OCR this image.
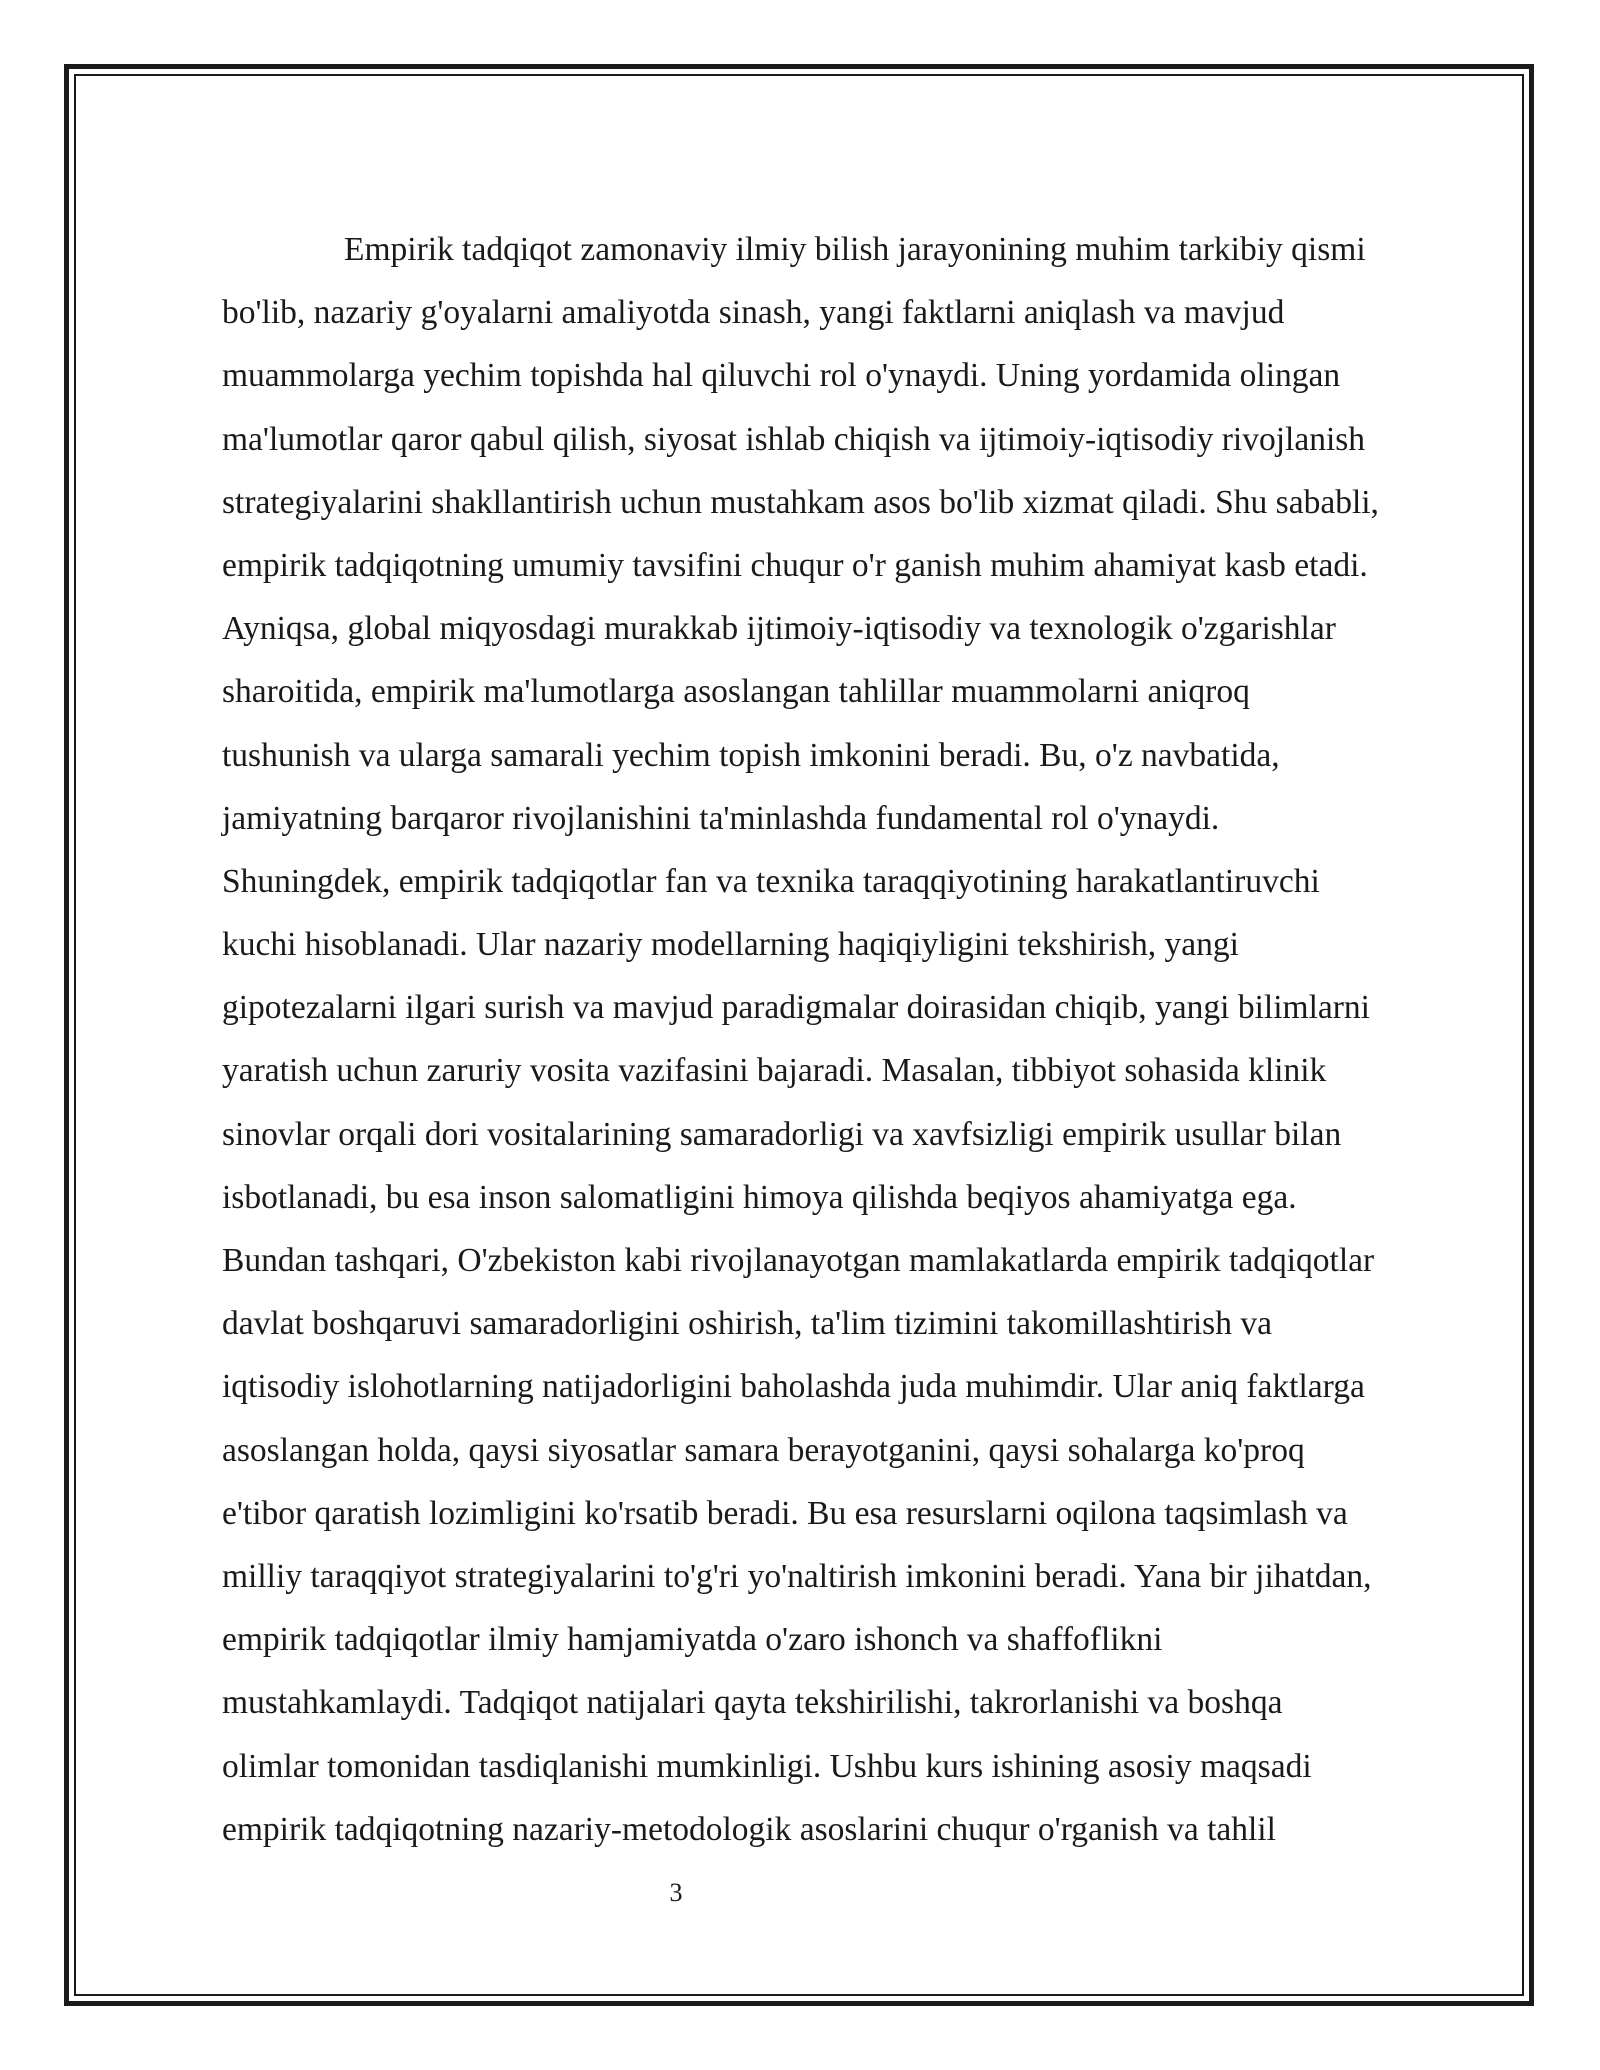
Empirik tadqiqot zamonaviy ilmiy bilish jarayonining muhim tarkibiy qismi
bo'lib, nazariy g'oyalarni amaliyotda sinash, yangi faktlarni aniqlash va mavjud
muammolarga yechim topishda hal qiluvchi rol o'ynaydi. Uning yordamida olingan
ma'lumotlar qaror qabul qilish, siyosat ishlab chiqish va ijtimoiy-iqtisodiy rivojlanish
strategiyalarini shakllantirish uchun mustahkam asos bo'lib xizmat qiladi. Shu sababli,
empirik tadqiqotning umumiy tavsifini chuqur o'r ganish muhim ahamiyat kasb etadi.
Ayniqsa, global miqyosdagi murakkab ijtimoiy-iqtisodiy va texnologik o'zgarishlar
sharoitida, empirik ma'lumotlarga asoslangan tahlillar muammolarni aniqroq
tushunish va ularga samarali yechim topish imkonini beradi. Bu, o'z navbatida,
jamiyatning barqaror rivojlanishini ta'minlashda fundamental rol o'ynaydi.
Shuningdek, empirik tadqiqotlar fan va texnika taraqqiyotining harakatlantiruvchi
kuchi hisoblanadi. Ular nazariy modellarning haqiqiyligini tekshirish, yangi
gipotezalarni ilgari surish va mavjud paradigmalar doirasidan chiqib, yangi bilimlarni
yaratish uchun zaruriy vosita vazifasini bajaradi. Masalan, tibbiyot sohasida klinik
sinovlar orqali dori vositalarining samaradorligi va xavfsizligi empirik usullar bilan
isbotlanadi, bu esa inson salomatligini himoya qilishda beqiyos ahamiyatga ega.
Bundan tashqari, O'zbekiston kabi rivojlanayotgan mamlakatlarda empirik tadqiqotlar
davlat boshqaruvi samaradorligini oshirish, ta'lim tizimini takomillashtirish va
iqtisodiy islohotlarning natijadorligini baholashda juda muhimdir. Ular aniq faktlarga
asoslangan holda, qaysi siyosatlar samara berayotganini, qaysi sohalarga ko'proq
e'tibor qaratish lozimligini ko'rsatib beradi. Bu esa resurslarni oqilona taqsimlash va
milliy taraqqiyot strategiyalarini to'g'ri yo'naltirish imkonini beradi. Yana bir jihatdan,
empirik tadqiqotlar ilmiy hamjamiyatda o'zaro ishonch va shaffoflikni
mustahkamlaydi. Tadqiqot natijalari qayta tekshirilishi, takrorlanishi va boshqa
olimlar tomonidan tasdiqlanishi mumkinligi. Ushbu kurs ishining asosiy maqsadi
empirik tadqiqotning nazariy-metodologik asoslarini chuqur o'rganish va tahlil
3
